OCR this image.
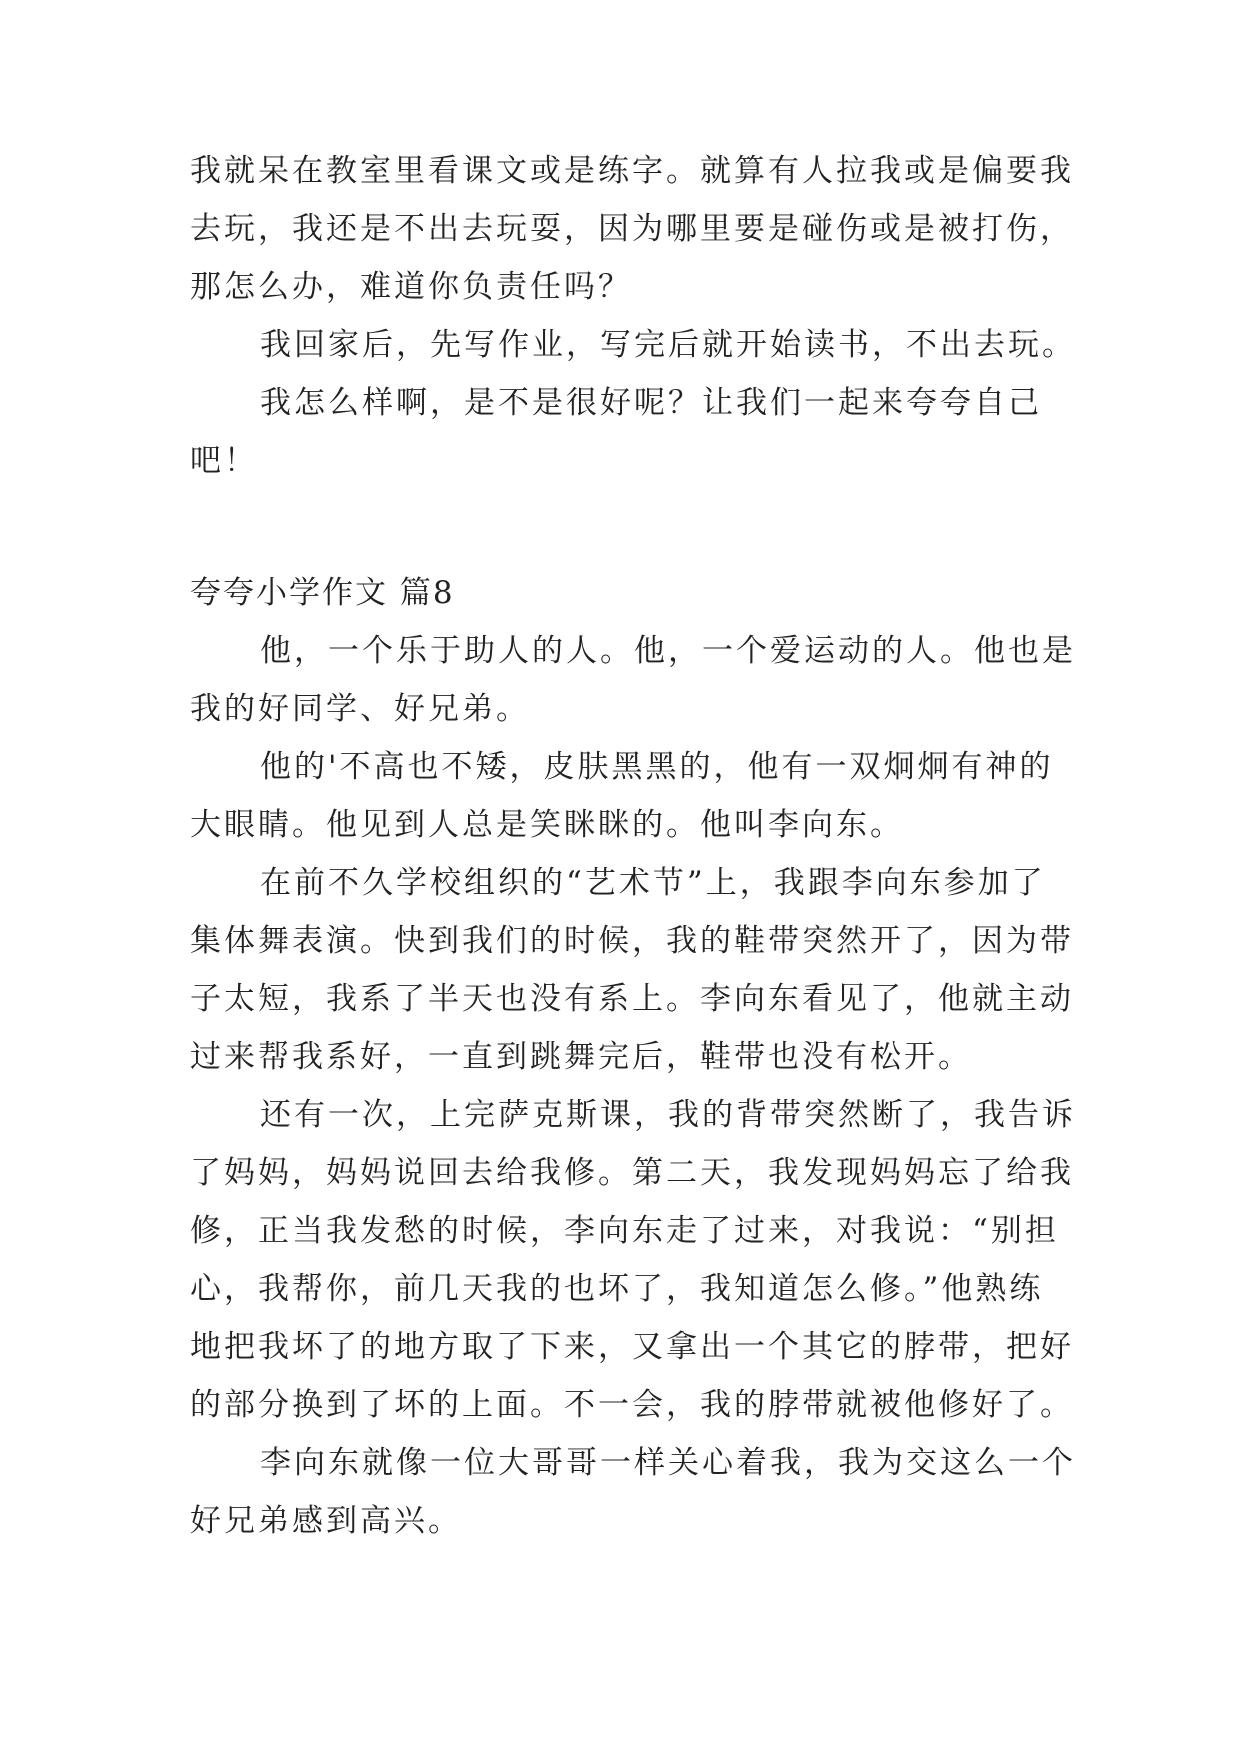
我就呆在教室里看课文或是练字。就算有人拉我或是偏要我

去玩，我还是不出去玩耍，因为哪里要是碰伤或是被打伤，

那怎么办，难道你负责任吗？

我回家后，先写作业，写完后就开始读书，不出去玩。

我怎么样啊，是不是很好呢？让我们一起来夸夸自己

吧！

夸夸小学作文 篇8

他，一个乐于助人的人。他，一个爱运动的人。他也是

我的好同学、好兄弟。

他的'不高也不矮，皮肤黑黑的，他有一双炯炯有神的

大眼睛。他见到人总是笑眯眯的。他叫李向东。

在前不久学校组织的“艺术节”上，我跟李向东参加了

集体舞表演。快到我们的时候，我的鞋带突然开了，因为带

子太短，我系了半天也没有系上。李向东看见了，他就主动

过来帮我系好，一直到跳舞完后，鞋带也没有松开。

还有一次，上完萨克斯课，我的背带突然断了，我告诉

了妈妈，妈妈说回去给我修。第二天，我发现妈妈忘了给我

修，正当我发愁的时候，李向东走了过来，对我说：“别担

心，我帮你，前几天我的也坏了，我知道怎么修。”他熟练

地把我坏了的地方取了下来，又拿出一个其它的脖带，把好

的部分换到了坏的上面。不一会，我的脖带就被他修好了。

李向东就像一位大哥哥一样关心着我，我为交这么一个

好兄弟感到高兴。
